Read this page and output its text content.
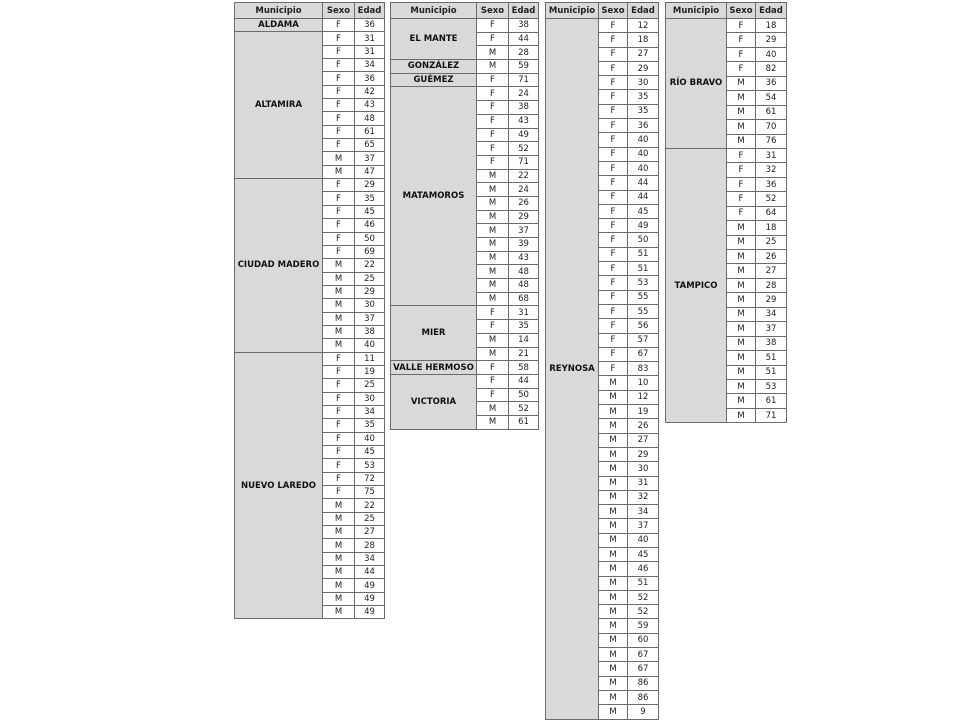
Municipio	Sexo	Edad
ALDAMA	F	36
ALTAMIRA	F	31
	F	31
	F	34
	F	36
	F	42
	F	43
	F	48
	F	61
	F	65
	M	37
	M	47
CIUDAD MADERO	F	29
	F	35
	F	45
	F	46
	F	50
	F	69
	M	22
	M	25
	M	29
	M	30
	M	37
	M	38
	M	40
NUEVO LAREDO	F	11
	F	19
	F	25
	F	30
	F	34
	F	35
	F	40
	F	45
	F	53
	F	72
	F	75
	M	22
	M	25
	M	27
	M	28
	M	34
	M	44
	M	49
	M	49
	M	49
Municipio	Sexo	Edad
EL MANTE	F	38
	F	44
	M	28
GONZÁLEZ	M	59
GUÉMEZ	F	71
MATAMOROS	F	24
	F	38
	F	43
	F	49
	F	52
	F	71
	M	22
	M	24
	M	26
	M	29
	M	37
	M	39
	M	43
	M	48
	M	48
	M	68
MIER	F	31
	F	35
	M	14
	M	21
VALLE HERMOSO	F	58
VICTORIA	F	44
	F	50
	M	52
	M	61
Municipio	Sexo	Edad
REYNOSA	F	12
	F	18
	F	27
	F	29
	F	30
	F	35
	F	35
	F	36
	F	40
	F	40
	F	40
	F	44
	F	44
	F	45
	F	49
	F	50
	F	51
	F	51
	F	53
	F	55
	F	55
	F	56
	F	57
	F	67
	F	83
	M	10
	M	12
	M	19
	M	26
	M	27
	M	29
	M	30
	M	31
	M	32
	M	34
	M	37
	M	40
	M	45
	M	46
	M	51
	M	52
	M	52
	M	59
	M	60
	M	67
	M	67
	M	86
	M	86
	M	9
Municipio	Sexo	Edad
RÍO BRAVO	F	18
	F	29
	F	40
	F	82
	M	36
	M	54
	M	61
	M	70
	M	76
TAMPICO	F	31
	F	32
	F	36
	F	52
	F	64
	M	18
	M	25
	M	26
	M	27
	M	28
	M	29
	M	34
	M	37
	M	38
	M	51
	M	51
	M	53
	M	61
	M	71
